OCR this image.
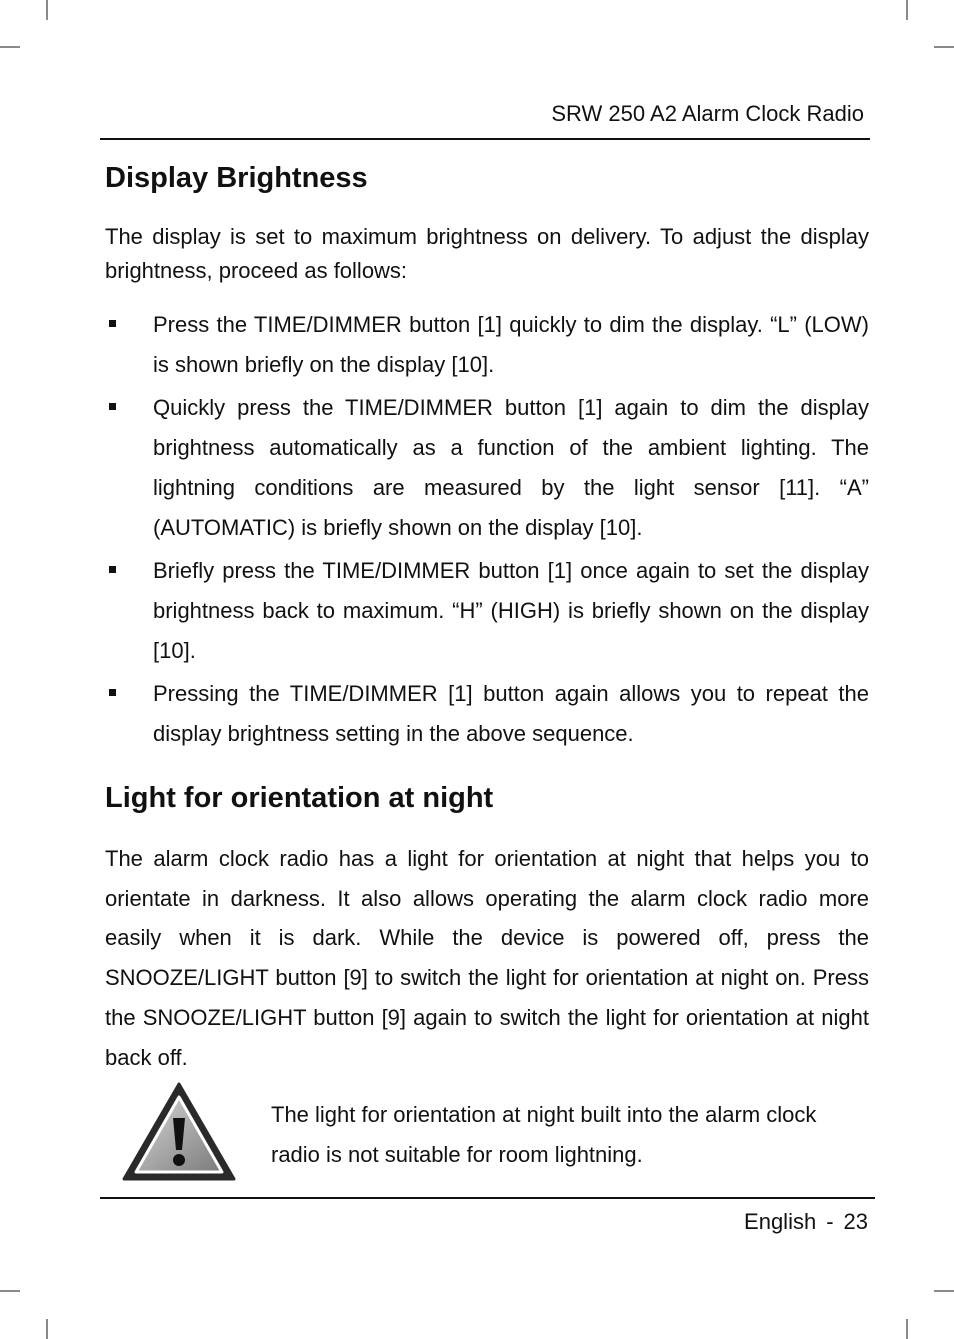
SRW 250 A2 Alarm Clock Radio
Display Brightness

The display is set to maximum brightness on delivery. To adjust the display brightness, proceed as follows:

Press the TIME/DIMMER button [1] quickly to dim the display. “L” (LOW) is shown briefly on the display [10].
Quickly press the TIME/DIMMER button [1] again to dim the display brightness automatically as a function of the ambient lighting. The lightning conditions are measured by the light sensor [11]. “A” (AUTOMATIC) is briefly shown on the display [10].
Briefly press the TIME/DIMMER button [1] once again to set the display brightness back to maximum. “H” (HIGH) is briefly shown on the display [10].
Pressing the TIME/DIMMER [1] button again allows you to repeat the display brightness setting in the above sequence.
Light for orientation at night

The alarm clock radio has a light for orientation at night that helps you to orientate in darkness. It also allows operating the alarm clock radio more easily when it is dark. While the device is powered off, press the SNOOZE/LIGHT button [9] to switch the light for orientation at night on. Press the SNOOZE/LIGHT button [9] again to switch the light for orientation at night back off.

The light for orientation at night built into the alarm clock radio is not suitable for room lightning.

English - 23
